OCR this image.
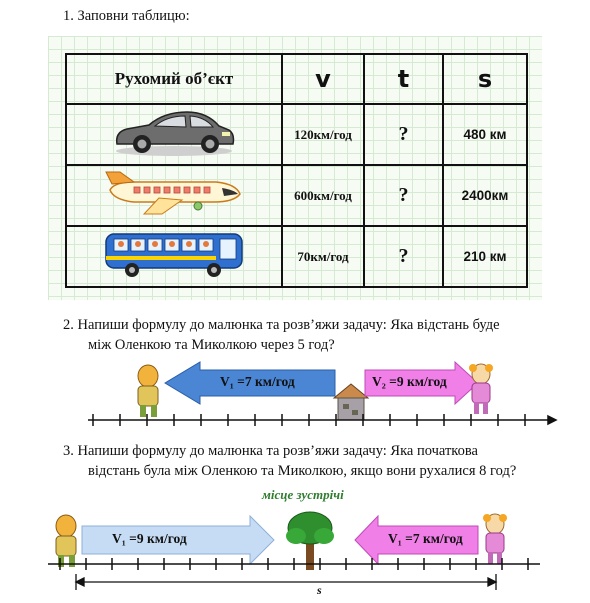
1. Заповни таблицю:
Рухомий об’єкт	v	t	s
	120км/год	?	480 км
	600км/год	?	2400км
	70км/год	?	210 км
2. Напиши формулу до малюнка та розв’яжи задачу: Яка відстань буде
між Оленкою та Миколкою через 5 год?
V₁ =7 км/год	V₂ =9 км/год
3. Напиши формулу до малюнка та розв’яжи задачу: Яка початкова
відстань була між Оленкою та Миколкою, якщо вони рухалися 8 год?
місце зустрічі
V₁ =9 км/год	V₁ =7 км/год
s
